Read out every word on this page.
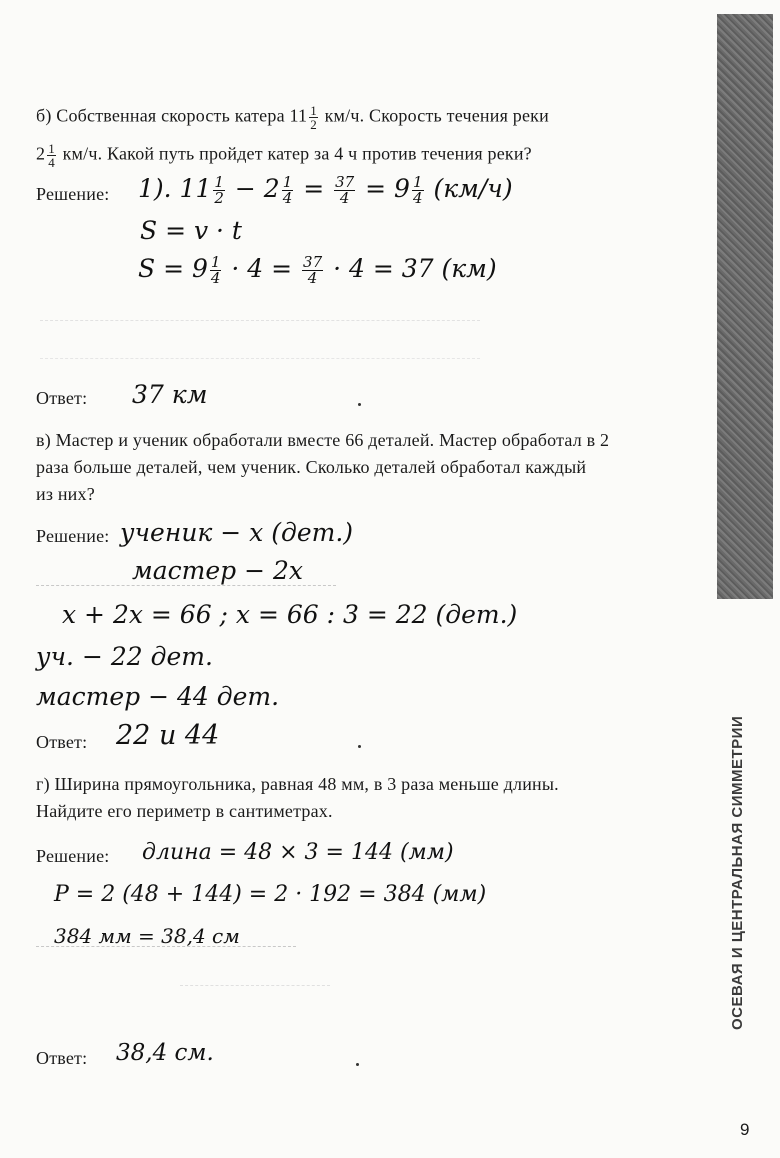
ОСЕВАЯ И ЦЕНТРАЛЬНАЯ СИММЕТРИИ
9
б) Собственная скорость катера $11 \frac{1}{2} км/ч$. Скорость течения реки
$2 \frac{1}{4} км/ч$. Какой путь пройдет катер за 4 ч против течения реки?
Решение: 1). $11 \frac{1}{2} - 2 \frac{1}{4} = \frac{37}{4} = 9 \frac{1}{4} (км/ч)$
S = v · t
$S = 9 \frac{1}{4} \cdot 4 = \frac{37}{4} \cdot 4 = 37$ (км)
Ответ: 37 км
в) Мастер и ученик обработали вместе 66 деталей. Мастер обработал в 2
раза больше деталей, чем ученик. Сколько деталей обработал каждый
из них?
Решение: ученик − x (дет.)
мастер − 2x
x + 2x = 66 ; x = 66 : 3 = 22 (дет.)
уч. − 22 дет.
мастер − 44 дет.
Ответ: 22 и 44
г) Ширина прямоугольника, равная 48 мм, в 3 раза меньше длины.
Найдите его периметр в сантиметрах.
Решение: длина = 48 × 3 = 144 (мм)
P = 2 (48 + 144) = 2 · 192 = 384 (мм)
384 мм = 38,4 см
Ответ: 38,4 см.
